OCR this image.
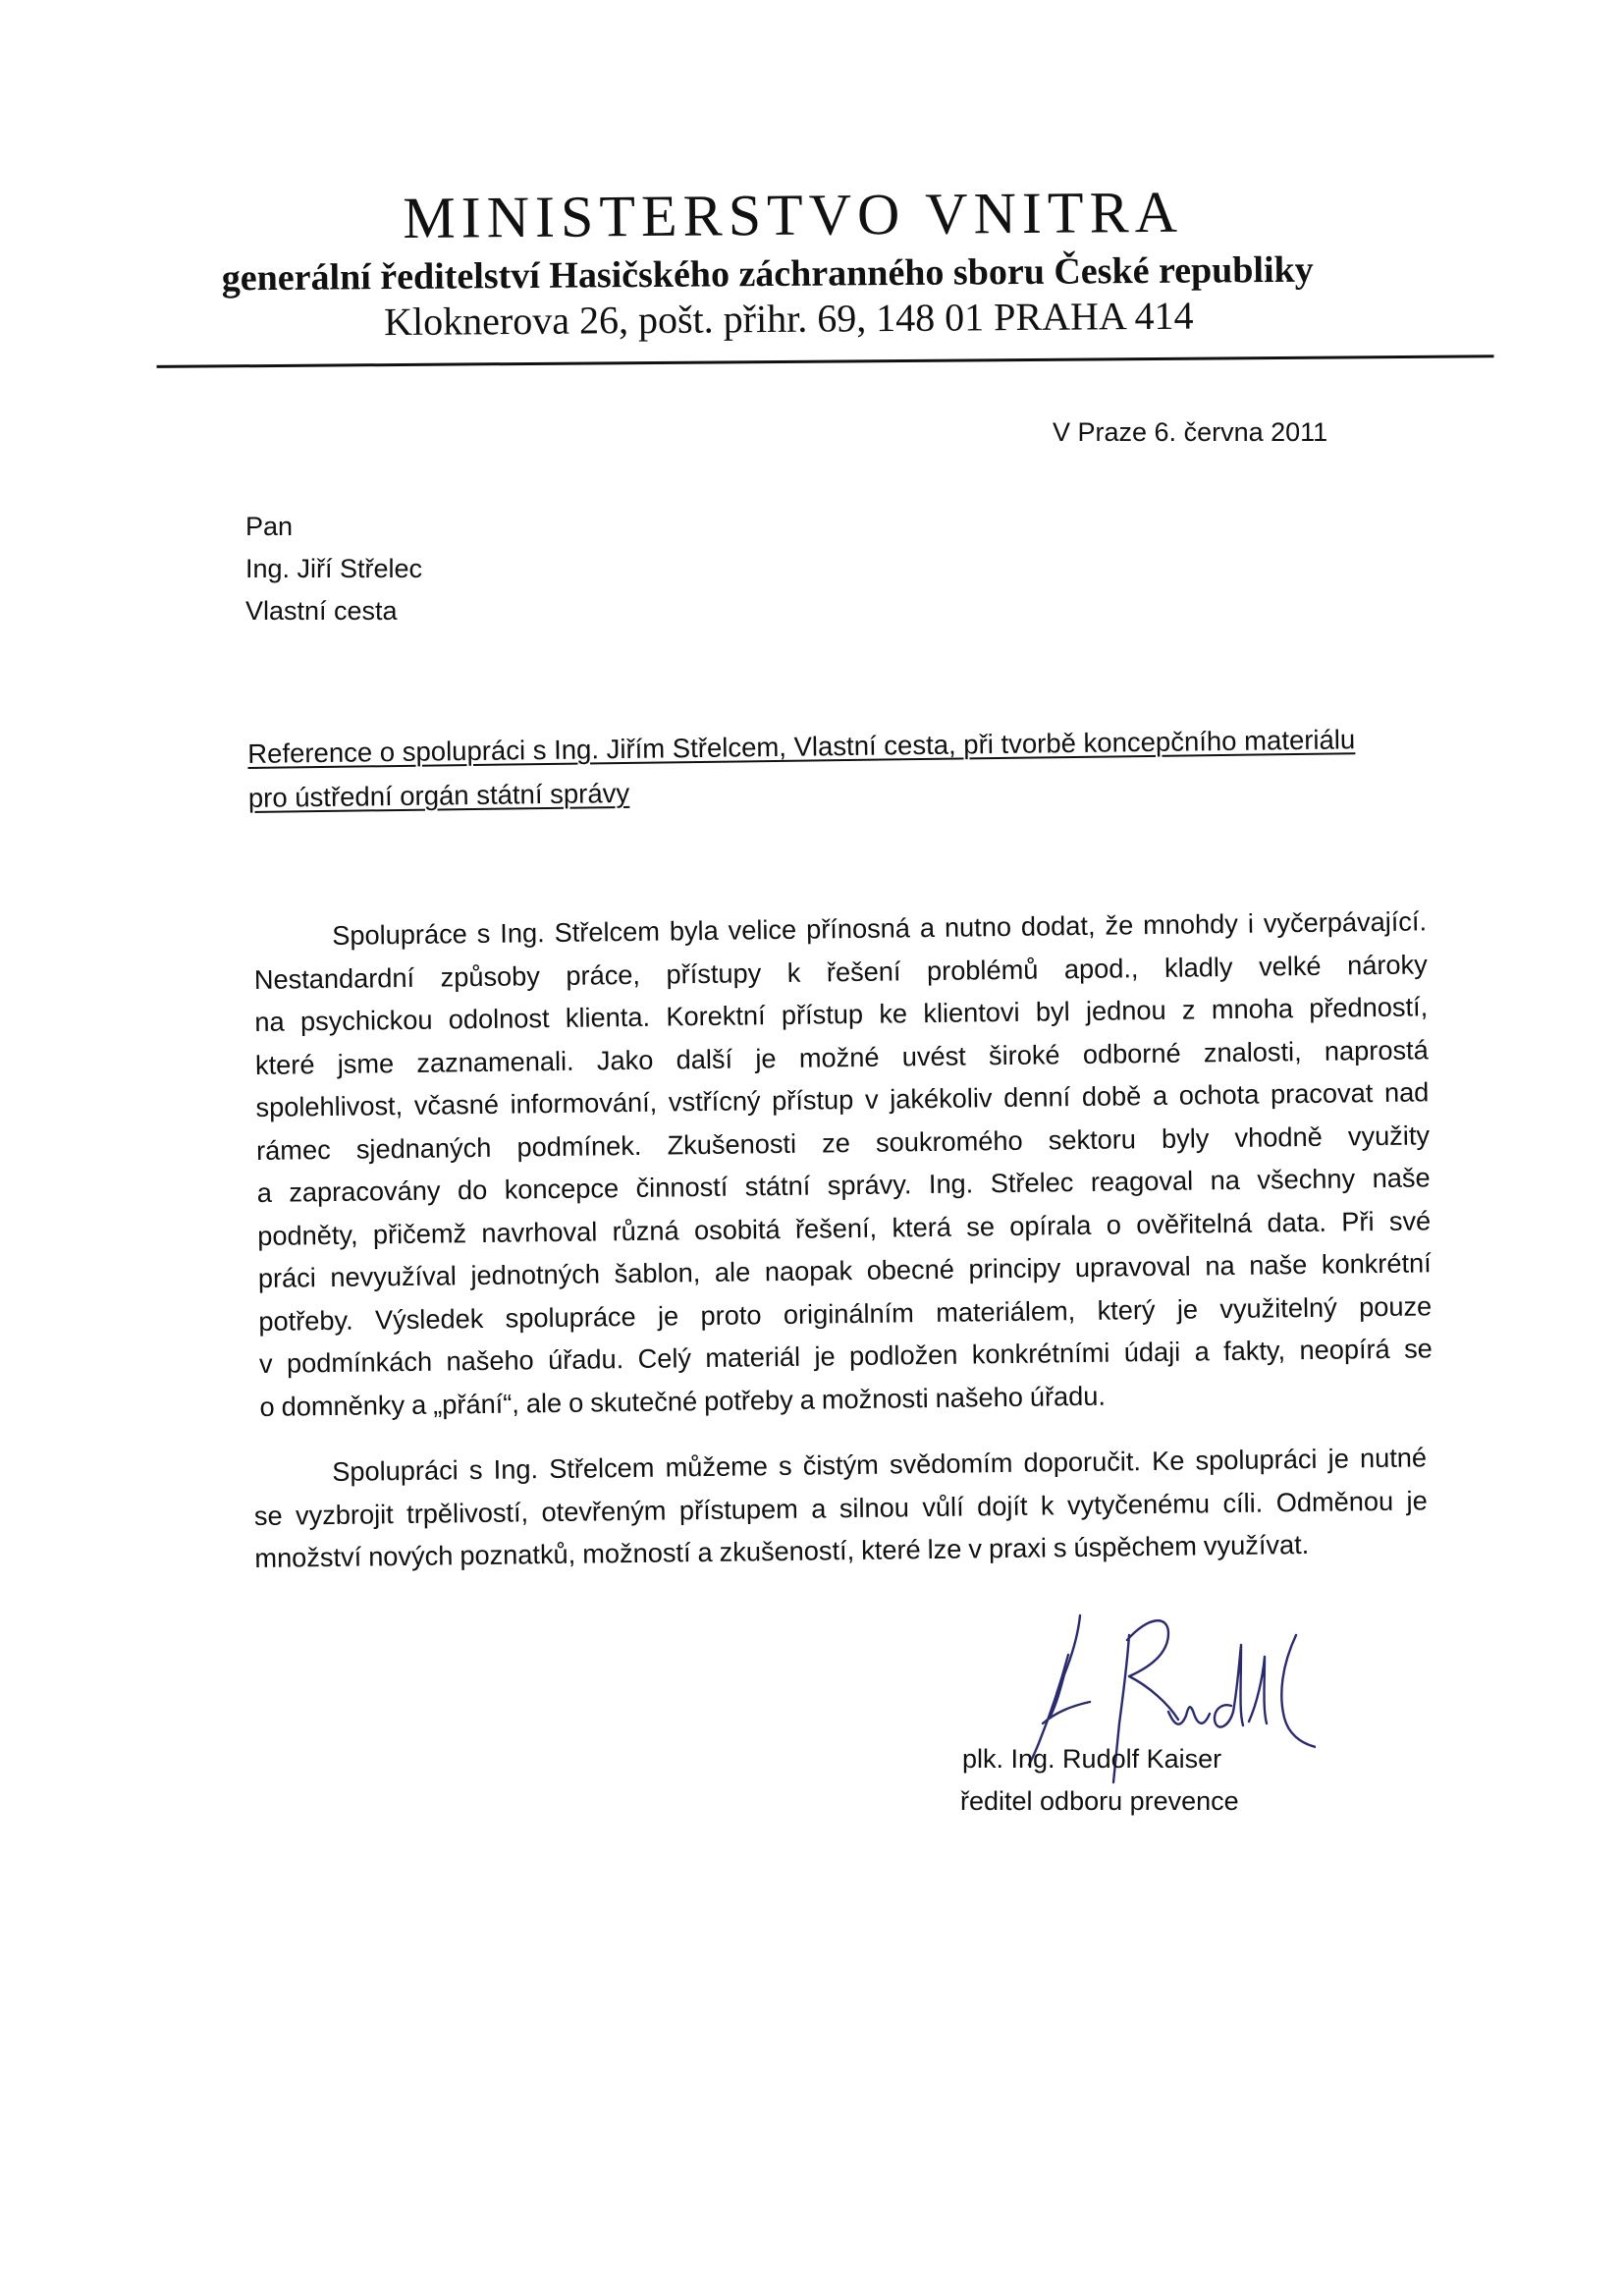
MINISTERSTVO VNITRA
generální ředitelství Hasičského záchranného sboru České republiky
Kloknerova 26, pošt. přihr. 69, 148 01 PRAHA 414
V Praze 6. června 2011
Pan
Ing. Jiří Střelec
Vlastní cesta
Reference o spolupráci s Ing. Jiřím Střelcem, Vlastní cesta, při tvorbě koncepčního materiálu
pro ústřední orgán státní správy
Spolupráce s Ing. Střelcem byla velice přínosná a nutno dodat, že mnohdy i vyčerpávající.
Nestandardní způsoby práce, přístupy k řešení problémů apod., kladly velké nároky
na psychickou odolnost klienta. Korektní přístup ke klientovi byl jednou z mnoha předností,
které jsme zaznamenali. Jako další je možné uvést široké odborné znalosti, naprostá
spolehlivost, včasné informování, vstřícný přístup v jakékoliv denní době a ochota pracovat nad
rámec sjednaných podmínek. Zkušenosti ze soukromého sektoru byly vhodně využity
a zapracovány do koncepce činností státní správy. Ing. Střelec reagoval na všechny naše
podněty, přičemž navrhoval různá osobitá řešení, která se opírala o ověřitelná data. Při své
práci nevyužíval jednotných šablon, ale naopak obecné principy upravoval na naše konkrétní
potřeby. Výsledek spolupráce je proto originálním materiálem, který je využitelný pouze
v podmínkách našeho úřadu. Celý materiál je podložen konkrétními údaji a fakty, neopírá se
o domněnky a „přání“, ale o skutečné potřeby a možnosti našeho úřadu.
Spolupráci s Ing. Střelcem můžeme s čistým svědomím doporučit. Ke spolupráci je nutné
se vyzbrojit trpělivostí, otevřeným přístupem a silnou vůlí dojít k vytyčenému cíli. Odměnou je
množství nových poznatků, možností a zkušeností, které lze v praxi s úspěchem využívat.
plk. Ing. Rudolf Kaiser
ředitel odboru prevence
